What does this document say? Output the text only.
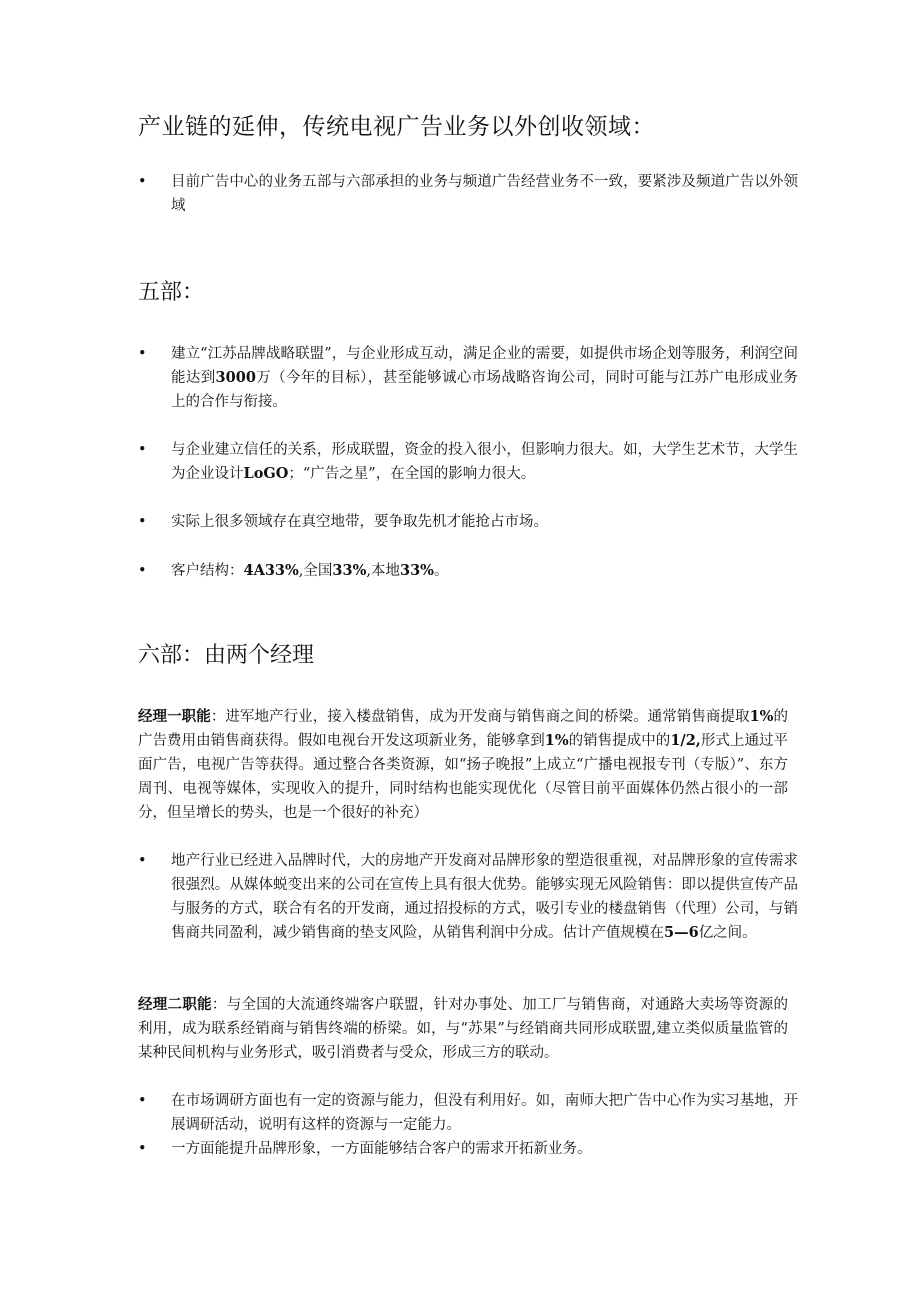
产业链的延伸，传统电视广告业务以外创收领域：
• 目前广告中心的业务五部与六部承担的业务与频道广告经营业务不一致，要紧涉及频道广告以外领域
五部：
• 建立“江苏品牌战略联盟”，与企业形成互动，满足企业的需要，如提供市场企划等服务，利润空间能达到3000万（今年的目标），甚至能够诚心市场战略咨询公司，同时可能与江苏广电形成业务上的合作与衔接。
• 与企业建立信任的关系，形成联盟，资金的投入很小，但影响力很大。如，大学生艺术节，大学生为企业设计LoGO；“广告之星”，在全国的影响力很大。
• 实际上很多领域存在真空地带，要争取先机才能抢占市场。
• 客户结构：4A33%,全国33%,本地33%。
六部：由两个经理

经理一职能：进军地产行业，接入楼盘销售，成为开发商与销售商之间的桥梁。通常销售商提取1%的广告费用由销售商获得。假如电视台开发这项新业务，能够拿到1%的销售提成中的1/2,形式上通过平面广告，电视广告等获得。通过整合各类资源，如“扬子晚报”上成立“广播电视报专刊（专版）”、东方周刊、电视等媒体，实现收入的提升，同时结构也能实现优化（尽管目前平面媒体仍然占很小的一部分，但呈增长的势头，也是一个很好的补充）

• 地产行业已经进入品牌时代，大的房地产开发商对品牌形象的塑造很重视，对品牌形象的宣传需求很强烈。从媒体蜕变出来的公司在宣传上具有很大优势。能够实现无风险销售：即以提供宣传产品与服务的方式，联合有名的开发商，通过招投标的方式，吸引专业的楼盘销售（代理）公司，与销售商共同盈利，减少销售商的垫支风险，从销售利润中分成。估计产值规模在5—6亿之间。

经理二职能：与全国的大流通终端客户联盟，针对办事处、加工厂与销售商，对通路大卖场等资源的利用，成为联系经销商与销售终端的桥梁。如，与“苏果”与经销商共同形成联盟,建立类似质量监管的某种民间机构与业务形式，吸引消费者与受众，形成三方的联动。

• 在市场调研方面也有一定的资源与能力，但没有利用好。如，南师大把广告中心作为实习基地，开展调研活动，说明有这样的资源与一定能力。
• 一方面能提升品牌形象，一方面能够结合客户的需求开拓新业务。
